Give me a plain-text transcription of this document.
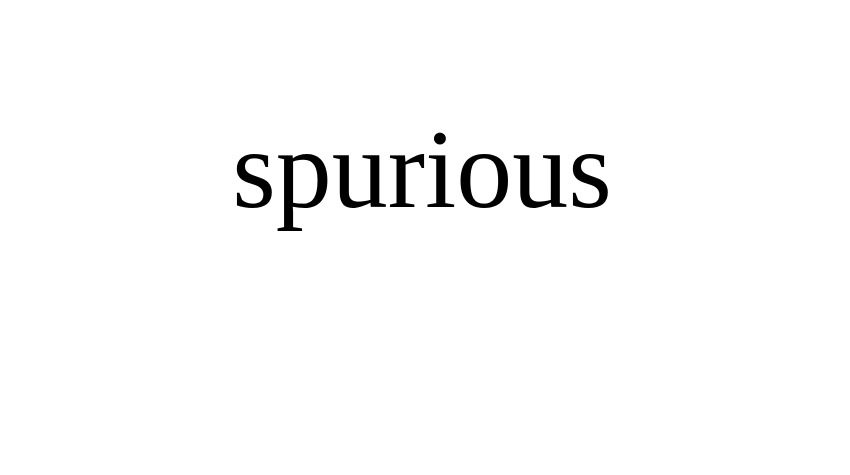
spurious
